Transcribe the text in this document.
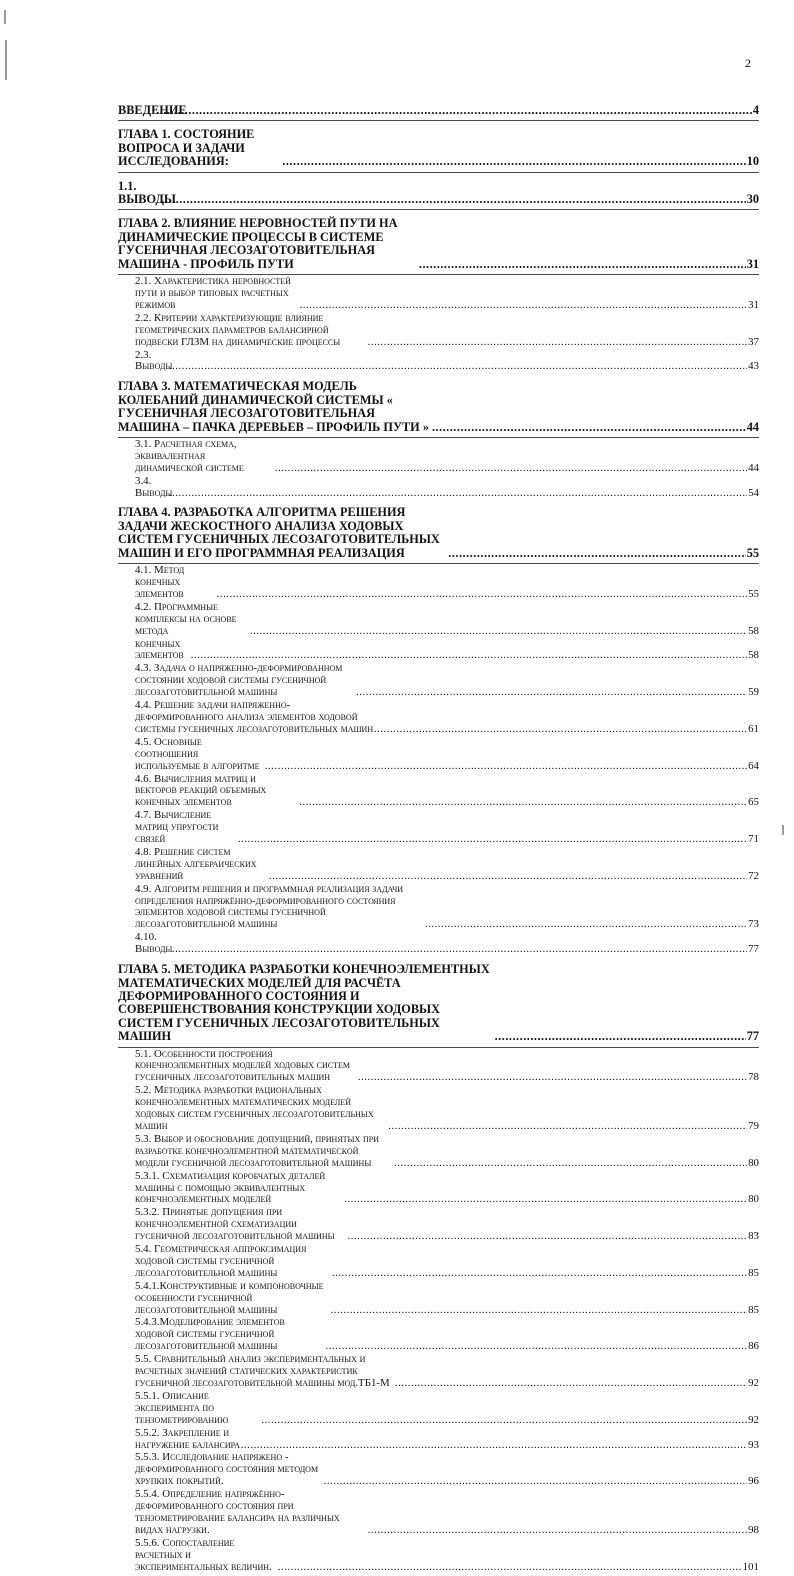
2
ВВЕДЕНИЕ .....	4
ГЛАВА 1. СОСТОЯНИЕ ВОПРОСА И ЗАДАЧИ ИССЛЕДОВАНИЯ: .....	10
1.1. ВЫВОДЫ .....	30
ГЛАВА 2. ВЛИЯНИЕ НЕРОВНОСТЕЙ ПУТИ НА ДИНАМИЧЕСКИЕ ПРОЦЕССЫ В СИСТЕМЕ ГУСЕНИЧНАЯ ЛЕСОЗАГОТОВИТЕЛЬНАЯ МАШИНА - ПРОФИЛЬ ПУТИ .....	31
2.1. Характеристика неровностей пути и выбор типовых расчетных режимов .....	31
2.2. Критерии характеризующие влияние геометрических параметров балансирной подвески ГЛЗМ на динамические процессы .....	37
2.3. Выводы .....	43
ГЛАВА 3. МАТЕМАТИЧЕСКАЯ МОДЕЛЬ КОЛЕБАНИЙ ДИНАМИЧЕСКОЙ СИСТЕМЫ « ГУСЕНИЧНАЯ ЛЕСОЗАГОТОВИТЕЛЬНАЯ МАШИНА – ПАЧКА ДЕРЕВЬЕВ – ПРОФИЛЬ ПУТИ » . .....	44
3.1. Расчетная схема, эквивалентная динамической системе .....	44
3.4. Выводы .....	54
ГЛАВА 4. РАЗРАБОТКА АЛГОРИТМА РЕШЕНИЯ ЗАДАЧИ ЖЕСКОСТНОГО АНАЛИЗА ХОДОВЫХ СИСТЕМ ГУСЕНИЧНЫХ ЛЕСОЗАГОТОВИТЕЛЬНЫХ МАШИН И ЕГО ПРОГРАММНАЯ РЕАЛИЗАЦИЯ .....	55
4.1. Метод конечных элементов .....	55
4.2. Программные комплексы на основе метода .....	58
конечных элементов .....	58
4.3. Задача о напряженно-деформированном состоянии ходовой системы гусеничной лесозаготовительной машины .....	59
4.4. Решение задачи напряженно-деформированного анализа элементов ходовой системы гусеничных лесозаготовительных машин .....	61
4.5. Основные соотношения используемые в алгоритме .....	64
4.6. Вычисления матриц и векторов реакций объемных конечных элементов .....	65
4.7. Вычисление матриц упругости связей .....	71
4.8. Решение систем линейных алгебраических уравнений .....	72
4.9. Алгоритм решения и программная реализация задачи определения напряжённо-деформированного состояния элементов ходовой системы гусеничной лесозаготовительной машины .....	73
4.10. Выводы .....	77
ГЛАВА 5. МЕТОДИКА РАЗРАБОТКИ КОНЕЧНОЭЛЕМЕНТНЫХ МАТЕМАТИЧЕСКИХ МОДЕЛЕЙ ДЛЯ РАСЧЁТА ДЕФОРМИРОВАННОГО СОСТОЯНИЯ И СОВЕРШЕНСТВОВАНИЯ КОНСТРУКЦИИ ХОДОВЫХ СИСТЕМ ГУСЕНИЧНЫХ ЛЕСОЗАГОТОВИТЕЛЬНЫХ МАШИН .....	77
5.1. Особенности построения конечноэлементных моделей ходовых систем гусеничных лесозаготовительных машин .....	78
5.2. Методика разработки рациональных конечноэлементных математических моделей ходовых систем гусеничных лесозаготовительных машин .....	79
5.3. Выбор и обоснование допущений, принятых при разработке конечноэлементной математической модели гусеничной лесозаготовительной машины .....	80
5.3.1. Схематизация коробчатых деталей машины с помощью эквивалентных конечноэлементных моделей .....	80
5.3.2. Принятые допущения при конечноэлементной схематизации гусеничной лесозаготовительной машины .....	83
5.4. Геометрическая аппроксимация ходовой системы гусеничной лесозаготовительной машины .....	85
5.4.1.Конструктивные и компоновочные особенности гусеничной лесозаготовительной машины .....	85
5.4.3.Моделирование элементов ходовой системы гусеничной лесозаготовительной машины .....	86
5.5. Сравнительный анализ экспериментальных и расчетных значений статических характеристик гусеничной лесозаготовительной машины мод.ТБ1-М .....	92
5.5.1. Описание эксперимента по тензометрированию .....	92
5.5.2. Закрепление и нагружение балансира .....	93
5.5.3. Исследование напряжено - деформированного состояния методом хрупких покрытий. .....	96
5.5.4. Определение напряжённо-деформированного состояния при тензометрирование балансира на различных видах нагрузки. .....	98
5.5.6. Сопоставление расчетных и экспериментальных величин. .....	101
